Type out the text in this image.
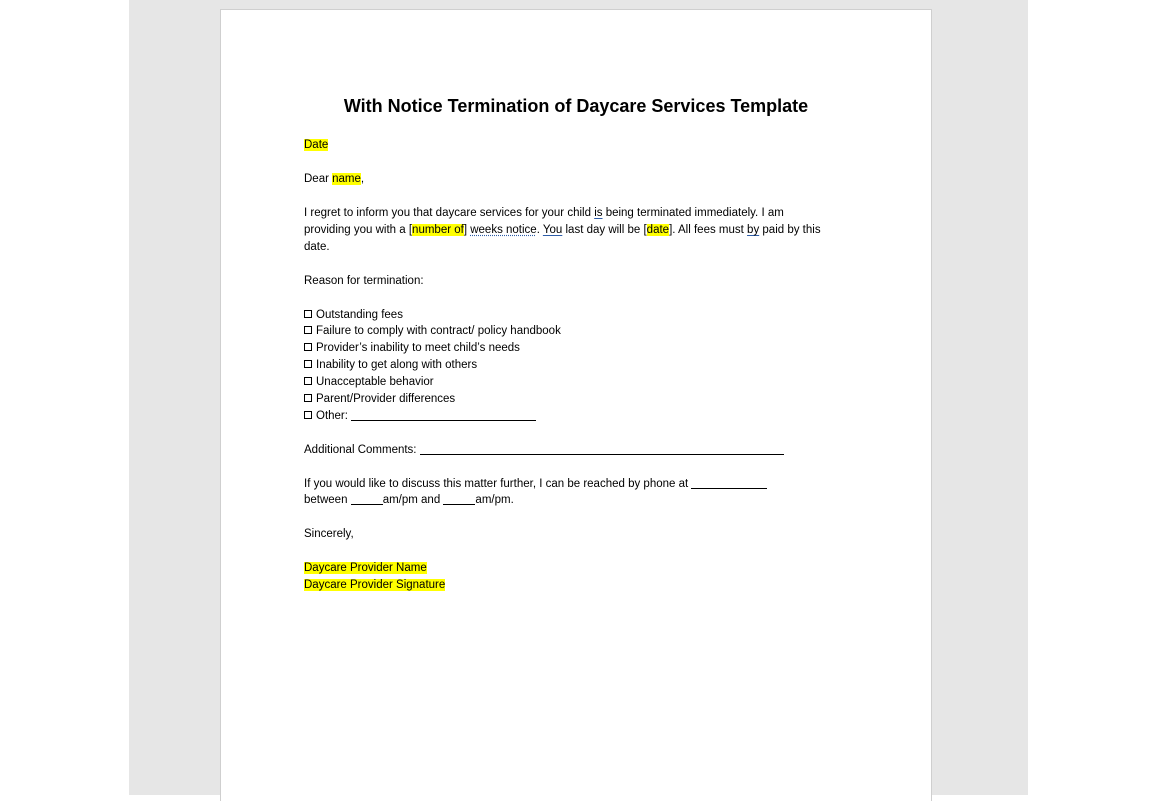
With Notice Termination of Daycare Services Template
Date
Dear name,
I regret to inform you that daycare services for your child is being terminated immediately. I am
providing you with a [number of] weeks notice. You last day will be [date]. All fees must by paid by this
date.
Reason for termination:
Outstanding fees
Failure to comply with contract/ policy handbook
Provider’s inability to meet child’s needs
Inability to get along with others
Unacceptable behavior
Parent/Provider differences
Other:
Additional Comments:
If you would like to discuss this matter further, I can be reached by phone at
between	am/pm and	am/pm.
Sincerely,
Daycare Provider Name
Daycare Provider Signature
